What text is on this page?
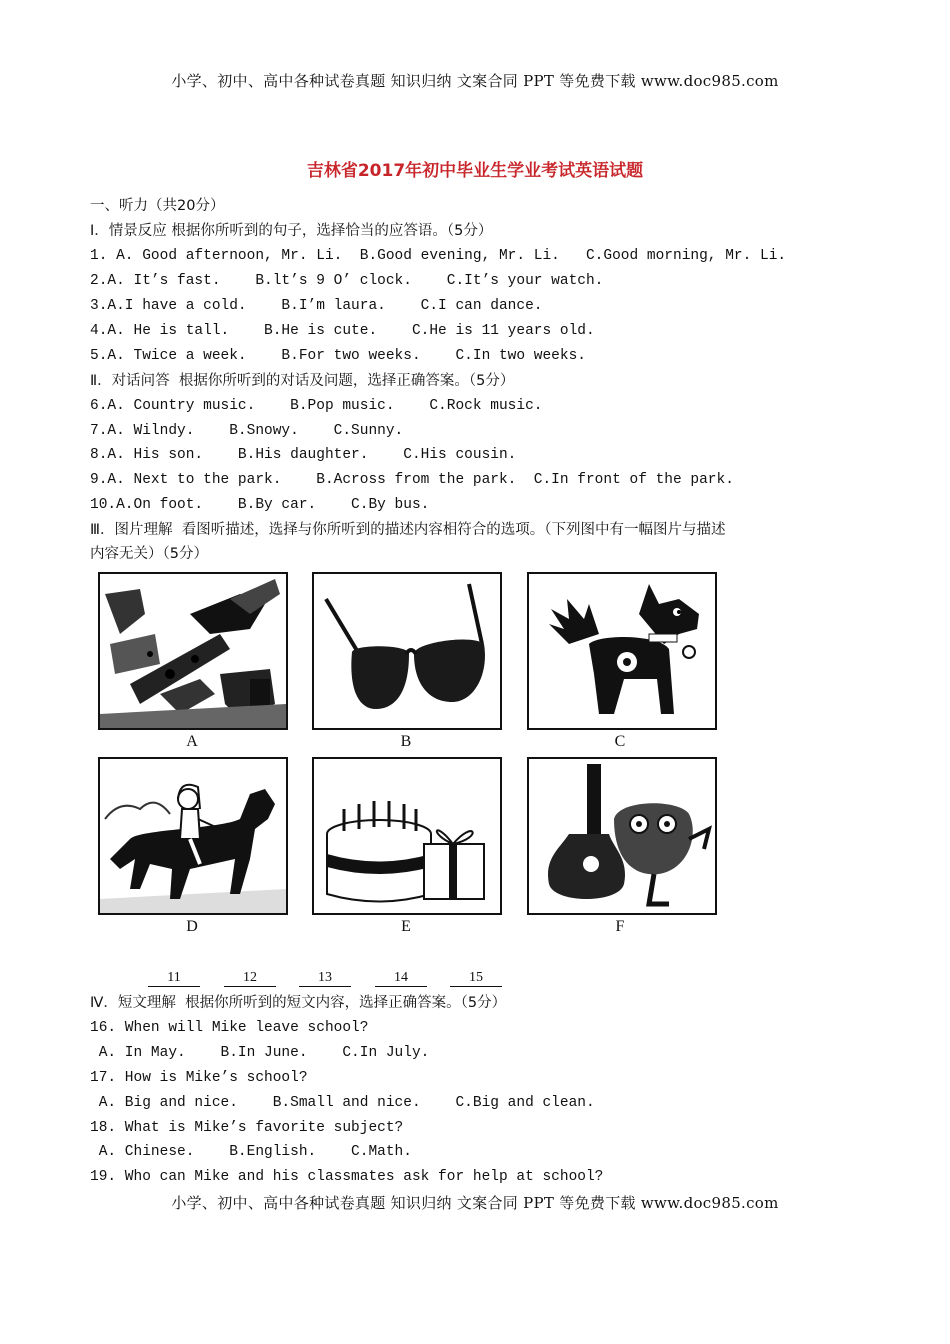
小学、初中、高中各种试卷真题 知识归纳 文案合同 PPT 等免费下载 www.doc985.com
吉林省2017年初中毕业生学业考试英语试题
一、听力（共20分）
I．情景反应 根据你所听到的句子，选择恰当的应答语。（5分）
1. A. Good afternoon, Mr. Li.  B.Good evening, Mr. Li.   C.Good morning, Mr. Li.
2.A. It’s fast.    B.lt’s 9 O’ clock.    C.It’s your watch.
3.A.I have a cold.    B.I’m laura.    C.I can dance.
4.A. He is tall.    B.He is cute.    C.He is 11 years old.
5.A. Twice a week.    B.For two weeks.    C.In two weeks.
Ⅱ．对话问答  根据你所听到的对话及问题，选择正确答案。（5分）
6.A. Country music.    B.Pop music.    C.Rock music.
7.A. Wilndy.    B.Snowy.    C.Sunny.
8.A. His son.    B.His daughter.    C.His cousin.
9.A. Next to the park.    B.Across from the park.  C.In front of the park.
10.A.On foot.    B.By car.    C.By bus.
Ⅲ．图片理解  看图听描述，选择与你所听到的描述内容相符合的选项。（下列图中有一幅图片与描述
内容无关）（5分）
A	B	C
D	E	F
11	12	13	14	15
Ⅳ．短文理解  根据你所听到的短文内容，选择正确答案。（5分）
16. When will Mike leave school?
A. In May.    B.In June.    C.In July.
17. How is Mike’s school?
A. Big and nice.    B.Small and nice.    C.Big and clean.
18. What is Mike’s favorite subject?
A. Chinese.    B.English.    C.Math.
19. Who can Mike and his classmates ask for help at school?
小学、初中、高中各种试卷真题 知识归纳 文案合同 PPT 等免费下载 www.doc985.com
